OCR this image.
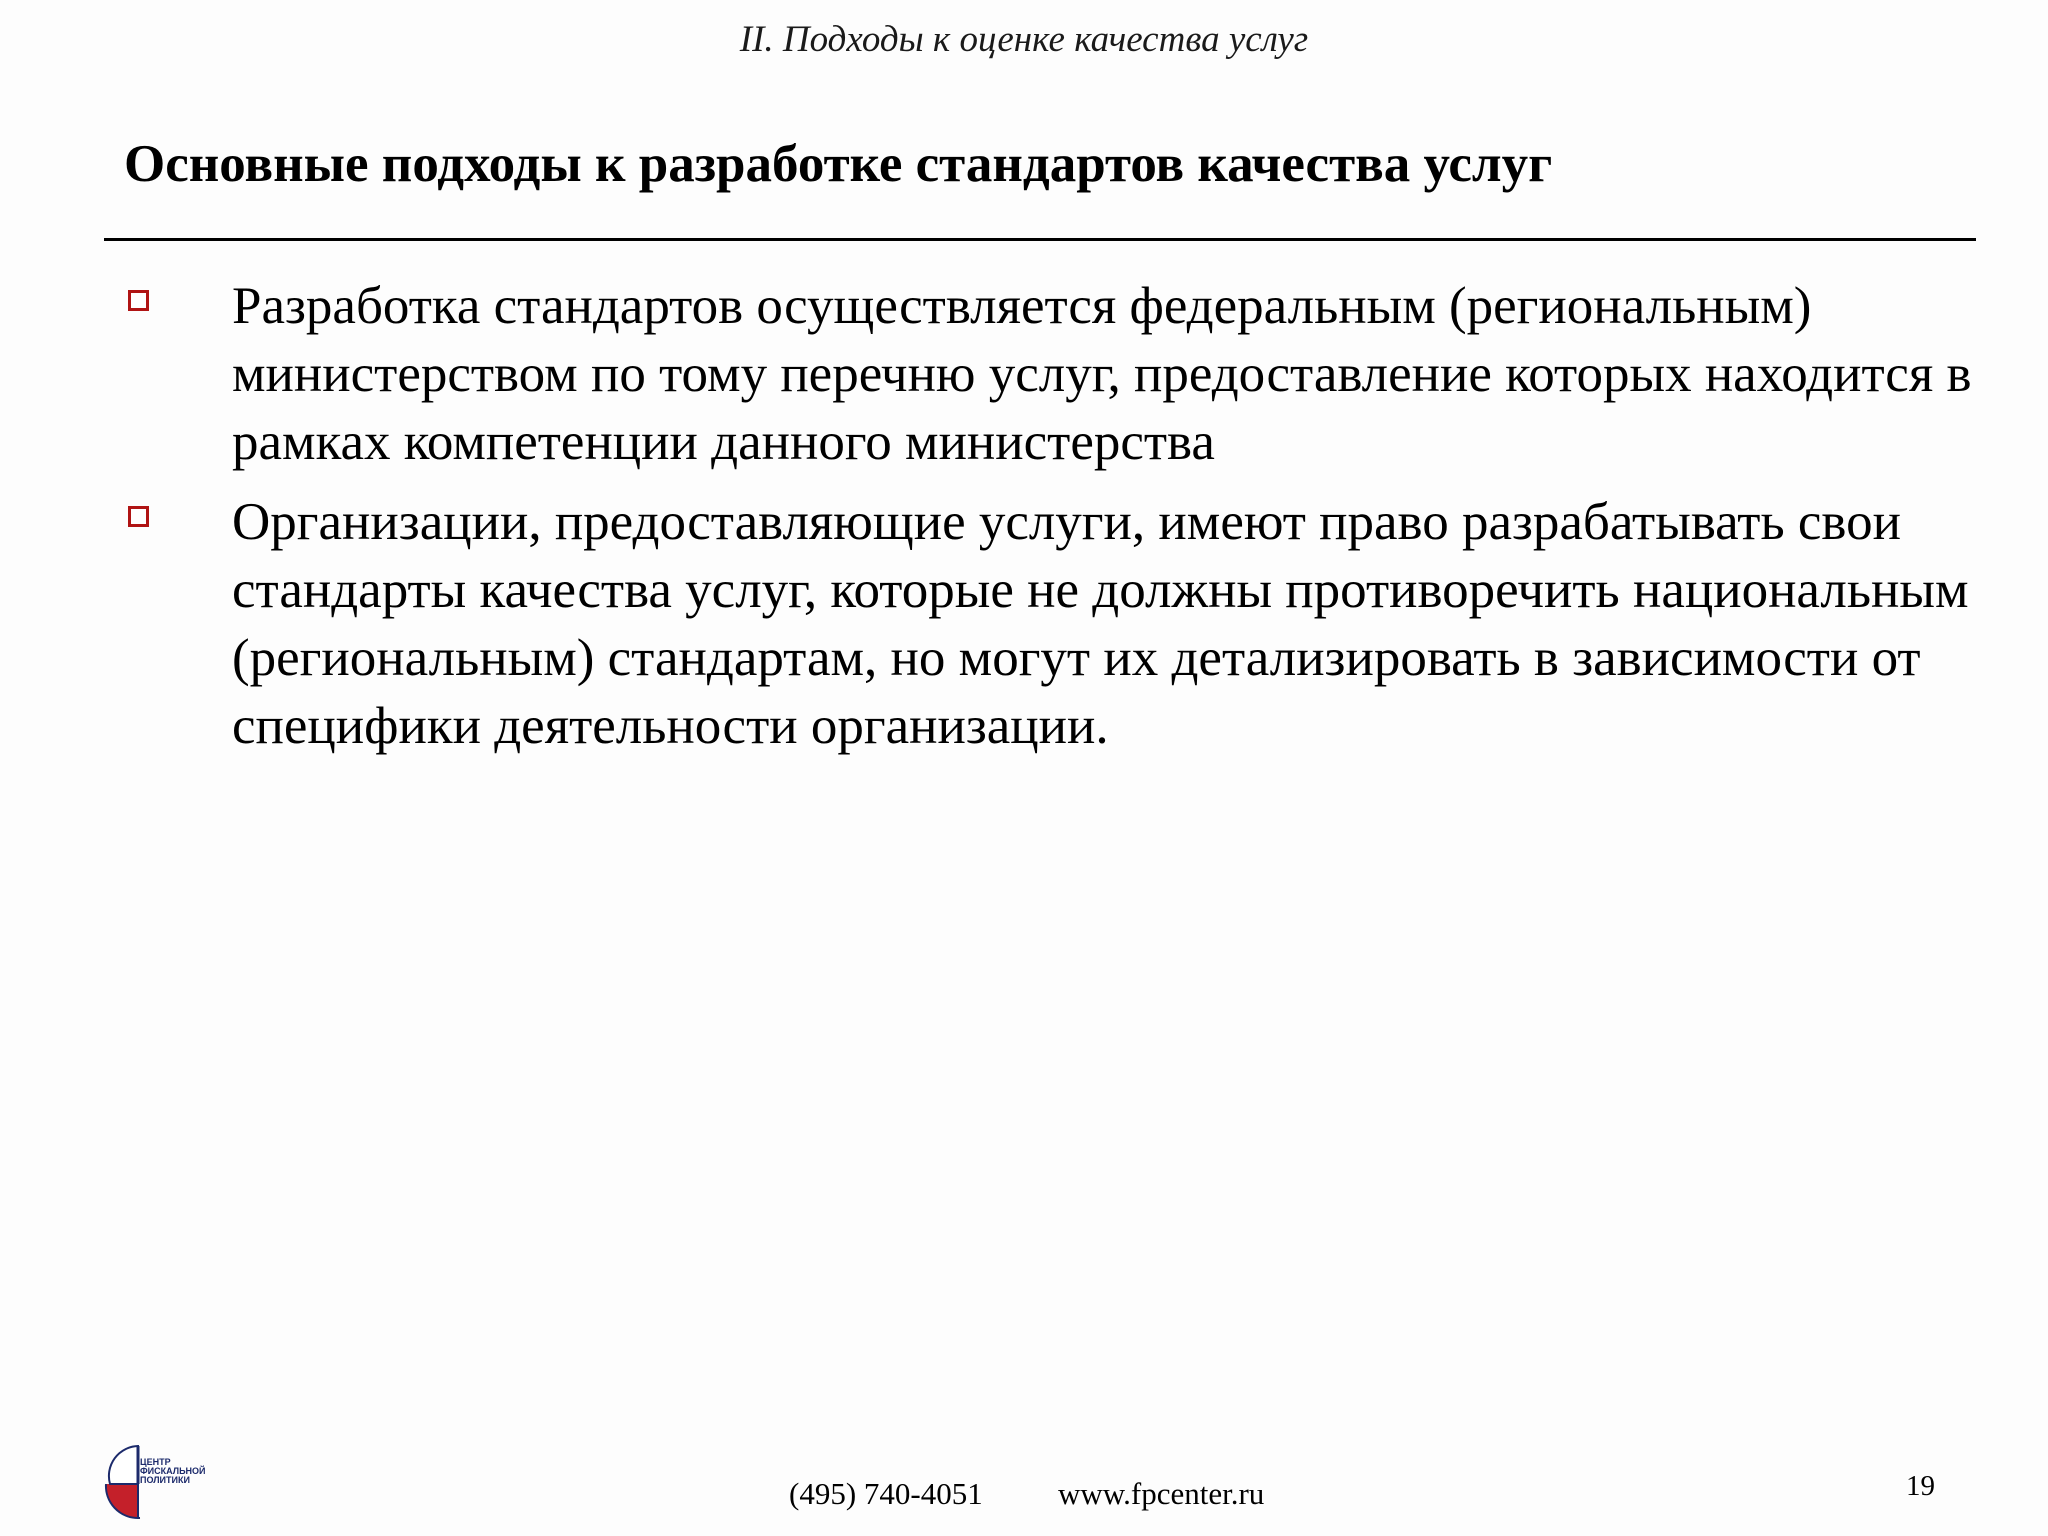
II. Подходы к оценке качества услуг
Основные подходы к разработке стандартов качества услуг
Разработка стандартов осуществляется федеральным (региональным) министерством по тому перечню услуг, предоставление которых находится в рамках компетенции данного министерства
Организации, предоставляющие услуги, имеют право разрабатывать свои стандарты качества услуг, которые не должны противоречить национальным (региональным) стандартам, но могут их детализировать в зависимости от специфики деятельности организации.
ЦЕНТР
ФИСКАЛЬНОЙ
ПОЛИТИКИ	(495) 740-4051 www.fpcenter.ru	19
